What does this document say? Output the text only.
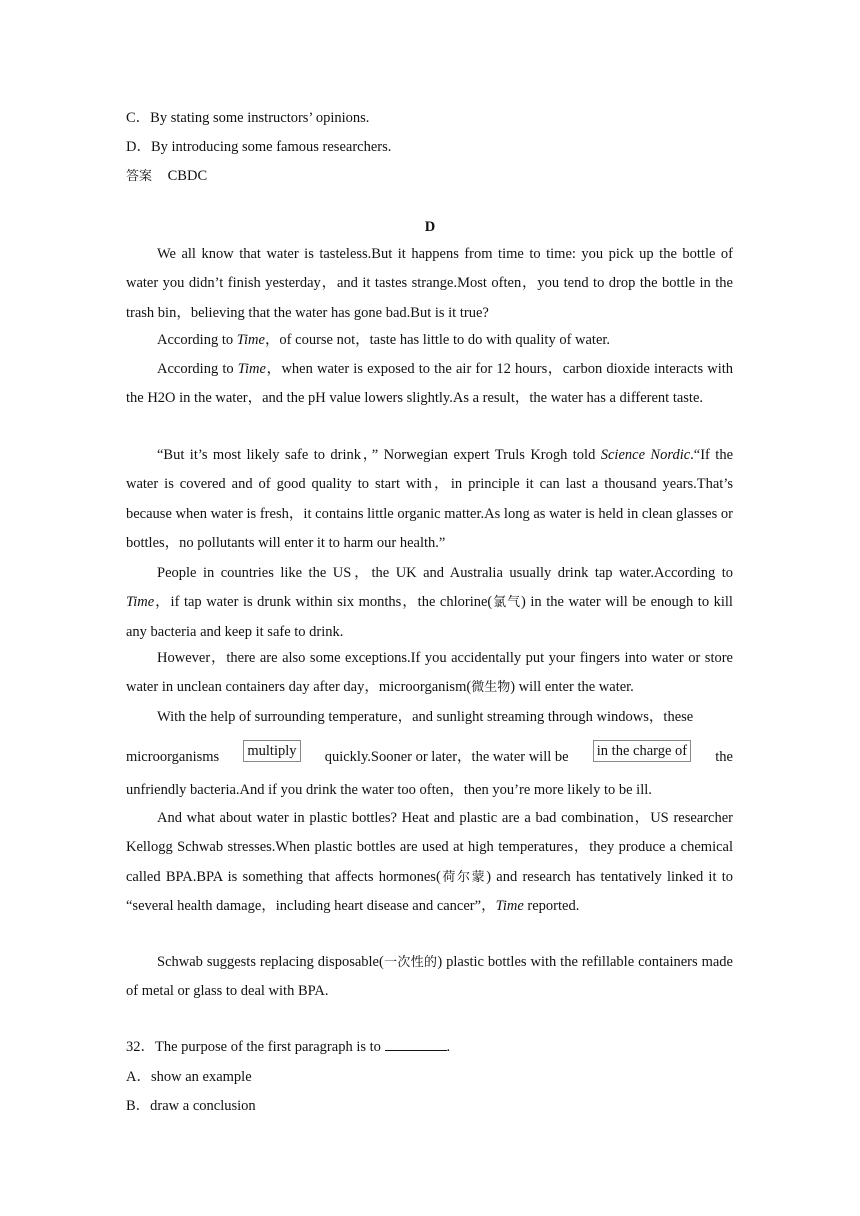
C．By stating some instructors’ opinions.
D．By introducing some famous researchers.
答案 CBDC
D
We all know that water is tasteless.But it happens from time to time: you pick up the bottle of water you didn’t finish yesterday，and it tastes strange.Most often，you tend to drop the bottle in the trash bin，believing that the water has gone bad.But is it true?
According to Time，of course not，taste has little to do with quality of water.
According to Time，when water is exposed to the air for 12 hours，carbon dioxide interacts with the H2O in the water，and the pH value lowers slightly.As a result，the water has a different taste.
“But it’s most likely safe to drink，” Norwegian expert Truls Krogh told Science Nordic.“If the water is covered and of good quality to start with，in principle it can last a thousand years.That’s because when water is fresh，it contains little organic matter.As long as water is held in clean glasses or bottles，no pollutants will enter it to harm our health.”
People in countries like the US，the UK and Australia usually drink tap water.According to Time，if tap water is drunk within six months，the chlorine(氯气) in the water will be enough to kill any bacteria and keep it safe to drink.
However，there are also some exceptions.If you accidentally put your fingers into water or store water in unclean containers day after day，microorganism(微生物) will enter the water.
With the help of surrounding temperature，and sunlight streaming through windows，these
microorganisms multiply quickly.Sooner or later，the water will be in the charge of the
unfriendly bacteria.And if you drink the water too often，then you’re more likely to be ill.
And what about water in plastic bottles? Heat and plastic are a bad combination，US researcher Kellogg Schwab stresses.When plastic bottles are used at high temperatures，they produce a chemical called BPA.BPA is something that affects hormones(荷尔蒙) and research has tentatively linked it to “several health damage，including heart disease and cancer”，Time reported.
Schwab suggests replacing disposable(一次性的) plastic bottles with the refillable containers made of metal or glass to deal with BPA.
32．The purpose of the first paragraph is to	.
A．show an example
B．draw a conclusion
